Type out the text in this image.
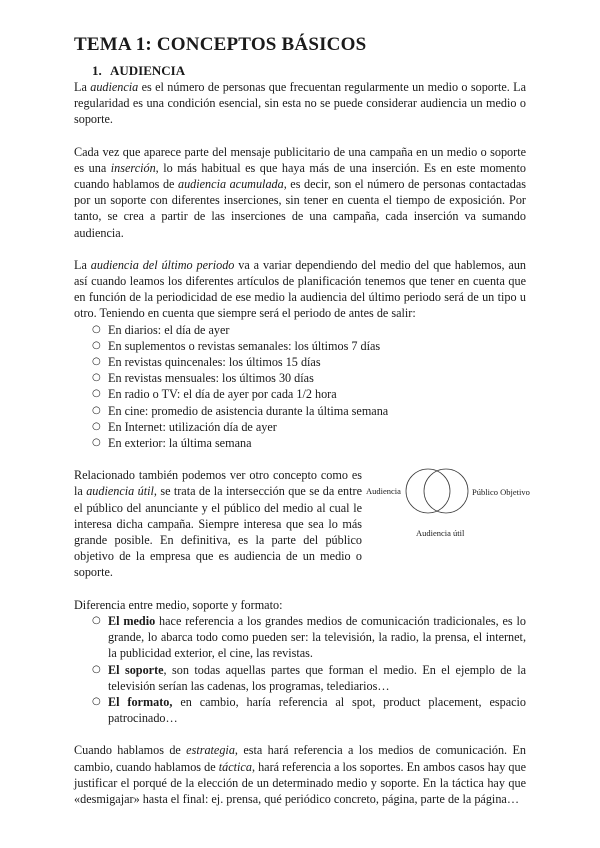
TEMA 1: CONCEPTOS BÁSICOS
1. AUDIENCIA

La audiencia es el número de personas que frecuentan regularmente un medio o soporte. La regularidad es una condición esencial, sin esta no se puede considerar audiencia un medio o soporte.

Cada vez que aparece parte del mensaje publicitario de una campaña en un medio o soporte es una inserción, lo más habitual es que haya más de una inserción. Es en este momento cuando hablamos de audiencia acumulada, es decir, son el número de personas contactadas por un soporte con diferentes inserciones, sin tener en cuenta el tiempo de exposición. Por tanto, se crea a partir de las inserciones de una campaña, cada inserción va sumando audiencia.

La audiencia del último periodo va a variar dependiendo del medio del que hablemos, aun así cuando leamos los diferentes artículos de planificación tenemos que tener en cuenta que en función de la periodicidad de ese medio la audiencia del último periodo será de un tipo u otro. Teniendo en cuenta que siempre será el periodo de antes de salir:

○ En diarios: el día de ayer
○ En suplementos o revistas semanales: los últimos 7 días
○ En revistas quincenales: los últimos 15 días
○ En revistas mensuales: los últimos 30 días
○ En radio o TV: el día de ayer por cada 1/2 hora
○ En cine: promedio de asistencia durante la última semana
○ En Internet: utilización día de ayer
○ En exterior: la última semana

Relacionado también podemos ver otro concepto como es la audiencia útil, se trata de la intersección que se da entre el público del anunciante y el público del medio al cual le interesa dicha campaña. Siempre interesa que sea lo más grande posible. En definitiva, es la parte del público objetivo de la empresa que es audiencia de un medio o soporte.

Audiencia	Público Objetivo
Audiencia útil

Diferencia entre medio, soporte y formato:

○ El medio hace referencia a los grandes medios de comunicación tradicionales, es lo grande, lo abarca todo como pueden ser: la televisión, la radio, la prensa, el internet, la publicidad exterior, el cine, las revistas.
○ El soporte, son todas aquellas partes que forman el medio. En el ejemplo de la televisión serían las cadenas, los programas, telediarios…
○ El formato, en cambio, haría referencia al spot, product placement, espacio patrocinado…

Cuando hablamos de estrategia, esta hará referencia a los medios de comunicación. En cambio, cuando hablamos de táctica, hará referencia a los soportes. En ambos casos hay que justificar el porqué de la elección de un determinado medio y soporte. En la táctica hay que «desmigajar» hasta el final: ej. prensa, qué periódico concreto, página, parte de la página…
